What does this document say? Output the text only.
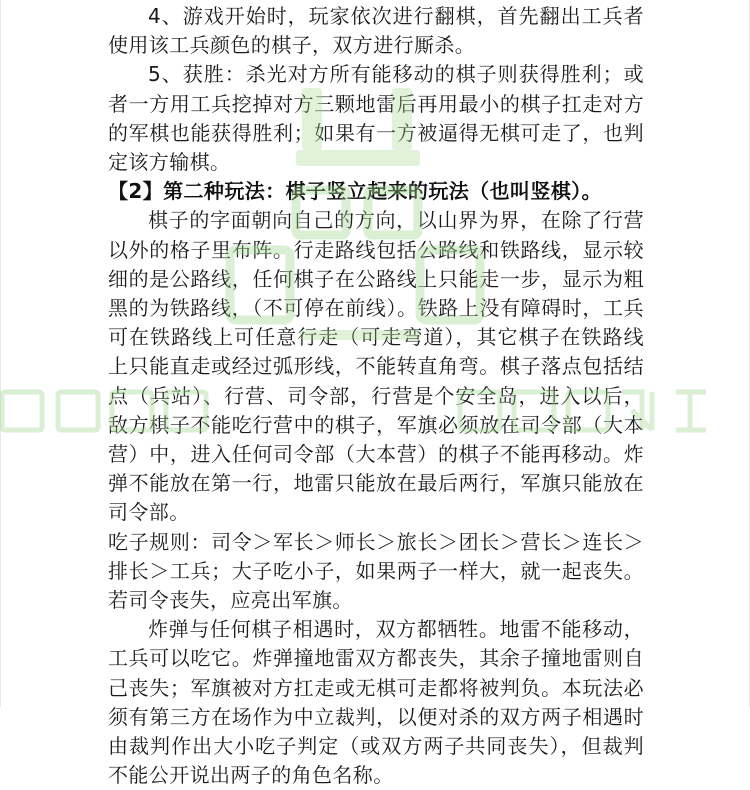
4、游戏开始时，玩家依次进行翻棋，首先翻出工兵者使用该工兵颜色的棋子，双方进行厮杀。

5、获胜：杀光对方所有能移动的棋子则获得胜利；或者一方用工兵挖掉对方三颗地雷后再用最小的棋子扛走对方的军棋也能获得胜利；如果有一方被逼得无棋可走了，也判定该方输棋。

【2】第二种玩法：棋子竖立起来的玩法（也叫竖棋）。

棋子的字面朝向自己的方向，以山界为界，在除了行营以外的格子里布阵。行走路线包括公路线和铁路线，显示较细的是公路线，任何棋子在公路线上只能走一步，显示为粗黑的为铁路线，（不可停在前线）。铁路上没有障碍时，工兵可在铁路线上可任意行走（可走弯道），其它棋子在铁路线上只能直走或经过弧形线，不能转直角弯。棋子落点包括结点（兵站）、行营、司令部，行营是个安全岛，进入以后，敌方棋子不能吃行营中的棋子，军旗必须放在司令部（大本营）中，进入任何司令部（大本营）的棋子不能再移动。炸弹不能放在第一行，地雷只能放在最后两行，军旗只能放在司令部。

吃子规则：司令＞军长＞师长＞旅长＞团长＞营长＞连长＞排长＞工兵；大子吃小子，如果两子一样大，就一起丧失。若司令丧失，应亮出军旗。

炸弹与任何棋子相遇时，双方都牺牲。地雷不能移动，工兵可以吃它。炸弹撞地雷双方都丧失，其余子撞地雷则自己丧失；军旗被对方扛走或无棋可走都将被判负。本玩法必须有第三方在场作为中立裁判，以便对杀的双方两子相遇时由裁判作出大小吃子判定（或双方两子共同丧失），但裁判不能公开说出两子的角色名称。
